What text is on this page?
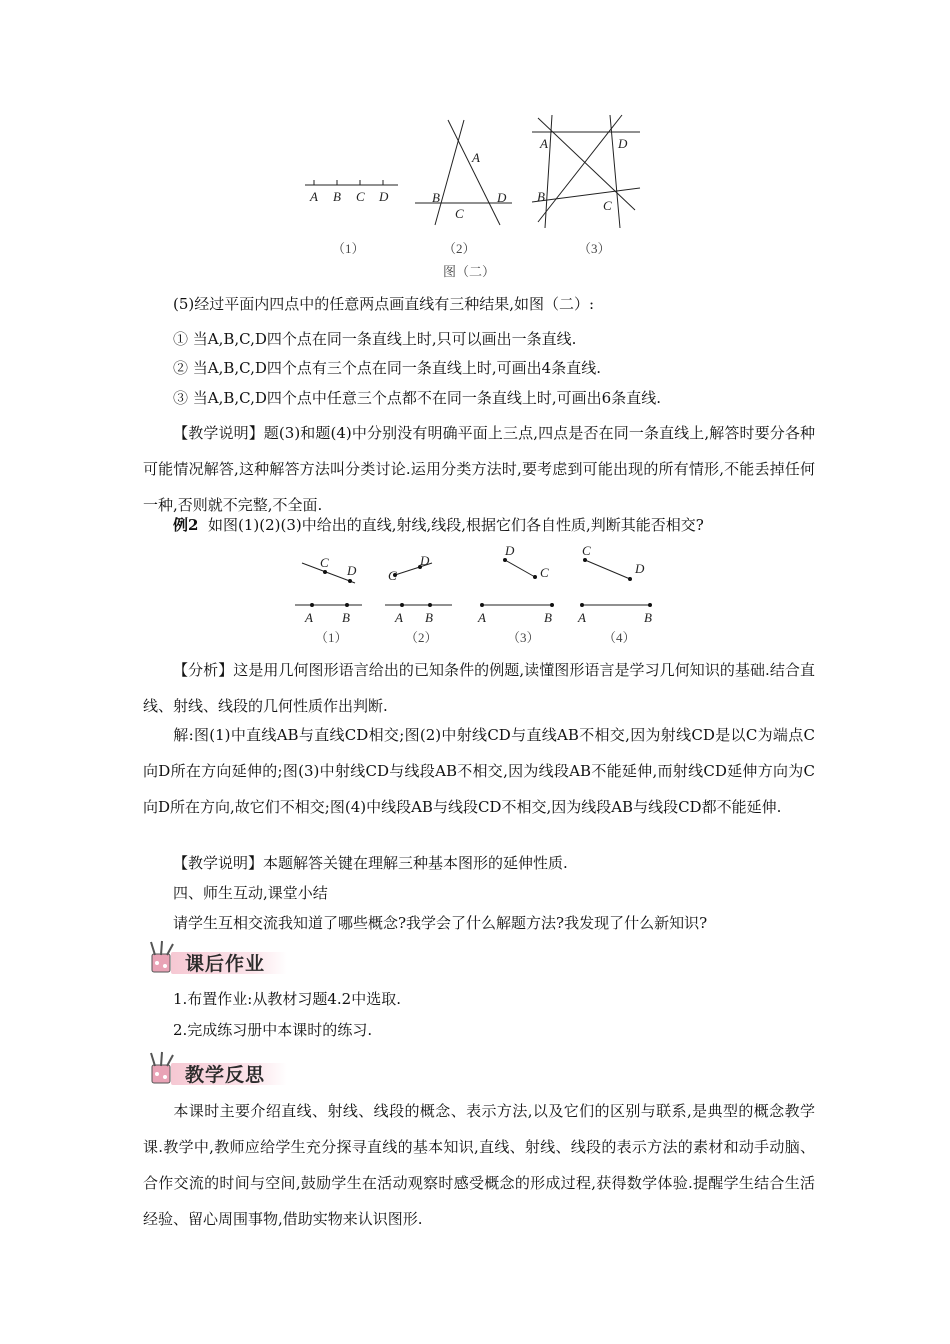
A B C D
（1）
A
B
C
D
（2）
A	D
B
C
（3）
图（二）
(5)经过平面内四点中的任意两点画直线有三种结果,如图（二）:
① 当A,B,C,D四个点在同一条直线上时,只可以画出一条直线.
② 当A,B,C,D四个点有三个点在同一条直线上时,可画出4条直线.
③ 当A,B,C,D四个点中任意三个点都不在同一条直线上时,可画出6条直线.
【教学说明】题(3)和题(4)中分别没有明确平面上三点,四点是否在同一条直线上,解答时要分各种可能情况解答,这种解答方法叫分类讨论.运用分类方法时,要考虑到可能出现的所有情形,不能丢掉任何一种,否则就不完整,不全面.
例2 如图(1)(2)(3)中给出的直线,射线,线段,根据它们各自性质,判断其能否相交?
C
D
A B
（1）
C
D
A B
（2）
D
C
A	B
（3）
C
D
A	B
（4）
【分析】这是用几何图形语言给出的已知条件的例题,读懂图形语言是学习几何知识的基础.结合直线、射线、线段的几何性质作出判断.
解:图(1)中直线AB与直线CD相交;图(2)中射线CD与直线AB不相交,因为射线CD是以C为端点C向D所在方向延伸的;图(3)中射线CD与线段AB不相交,因为线段AB不能延伸,而射线CD延伸方向为C向D所在方向,故它们不相交;图(4)中线段AB与线段CD不相交,因为线段AB与线段CD都不能延伸.
【教学说明】本题解答关键在理解三种基本图形的延伸性质.
四、师生互动,课堂小结
请学生互相交流我知道了哪些概念?我学会了什么解题方法?我发现了什么新知识?
课后作业
1.布置作业:从教材习题4.2中选取.
2.完成练习册中本课时的练习.
教学反思
本课时主要介绍直线、射线、线段的概念、表示方法,以及它们的区别与联系,是典型的概念教学课.教学中,教师应给学生充分探寻直线的基本知识,直线、射线、线段的表示方法的素材和动手动脑、合作交流的时间与空间,鼓励学生在活动观察时感受概念的形成过程,获得数学体验.提醒学生结合生活经验、留心周围事物,借助实物来认识图形.
